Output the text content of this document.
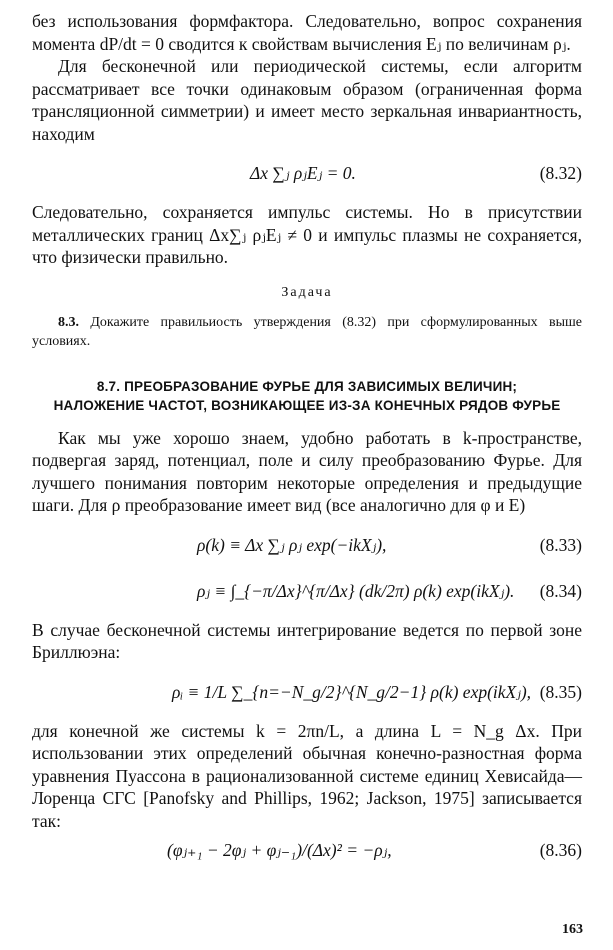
без использования формфактора. Следовательно, вопрос сохранения момента dP/dt = 0 сводится к свойствам вычисления Eⱼ по величинам ρⱼ.

Для бесконечной или периодической системы, если алгоритм рассматривает все точки одинаковым образом (ограниченная форма трансляционной симметрии) и имеет место зеркальная инвариантность, находим

Δx ∑ⱼ ρⱼEⱼ = 0.	(8.32)

Следовательно, сохраняется импульс системы. Но в присутствии металлических границ Δx∑ⱼ ρⱼEⱼ ≠ 0 и импульс плазмы не сохраняется, что физически правильно.

Задача

8.3. Докажите правильиость утверждения (8.32) при сформулированных выше условиях.

8.7. ПРЕОБРАЗОВАНИЕ ФУРЬЕ ДЛЯ ЗАВИСИМЫХ ВЕЛИЧИН;
НАЛОЖЕНИЕ ЧАСТОТ, ВОЗНИКАЮЩЕЕ ИЗ-ЗА КОНЕЧНЫХ РЯДОВ ФУРЬЕ

Как мы уже хорошо знаем, удобно работать в k-пространстве, подвергая заряд, потенциал, поле и силу преобразованию Фурье. Для лучшего понимания повторим некоторые определения и предыдущие шаги. Для ρ преобразование имеет вид (все аналогично для φ и E)

ρ(k) ≡ Δx ∑ⱼ ρⱼ exp(−ikXⱼ),	(8.33)
ρⱼ ≡ ∫_{−π/Δx}^{π/Δx} (dk/2π) ρ(k) exp(ikXⱼ). (8.34)

В случае бесконечной системы интегрирование ведется по первой зоне Бриллюэна:

ρᵢ ≡ 1/L ∑_{n=−N_g/2}^{N_g/2−1} ρ(k) exp(ikXⱼ), (8.35)

для конечной же системы k = 2πn/L, а длина L = N_g Δx. При использовании этих определений обычная конечно-разностная форма уравнения Пуассона в рационализованной системе единиц Хевисайда—Лоренца СГС [Panofsky and Phillips, 1962; Jackson, 1975] записывается так:

(φⱼ₊₁ − 2φⱼ + φⱼ₋₁)/(Δx)² = −ρⱼ,	(8.36)
163
